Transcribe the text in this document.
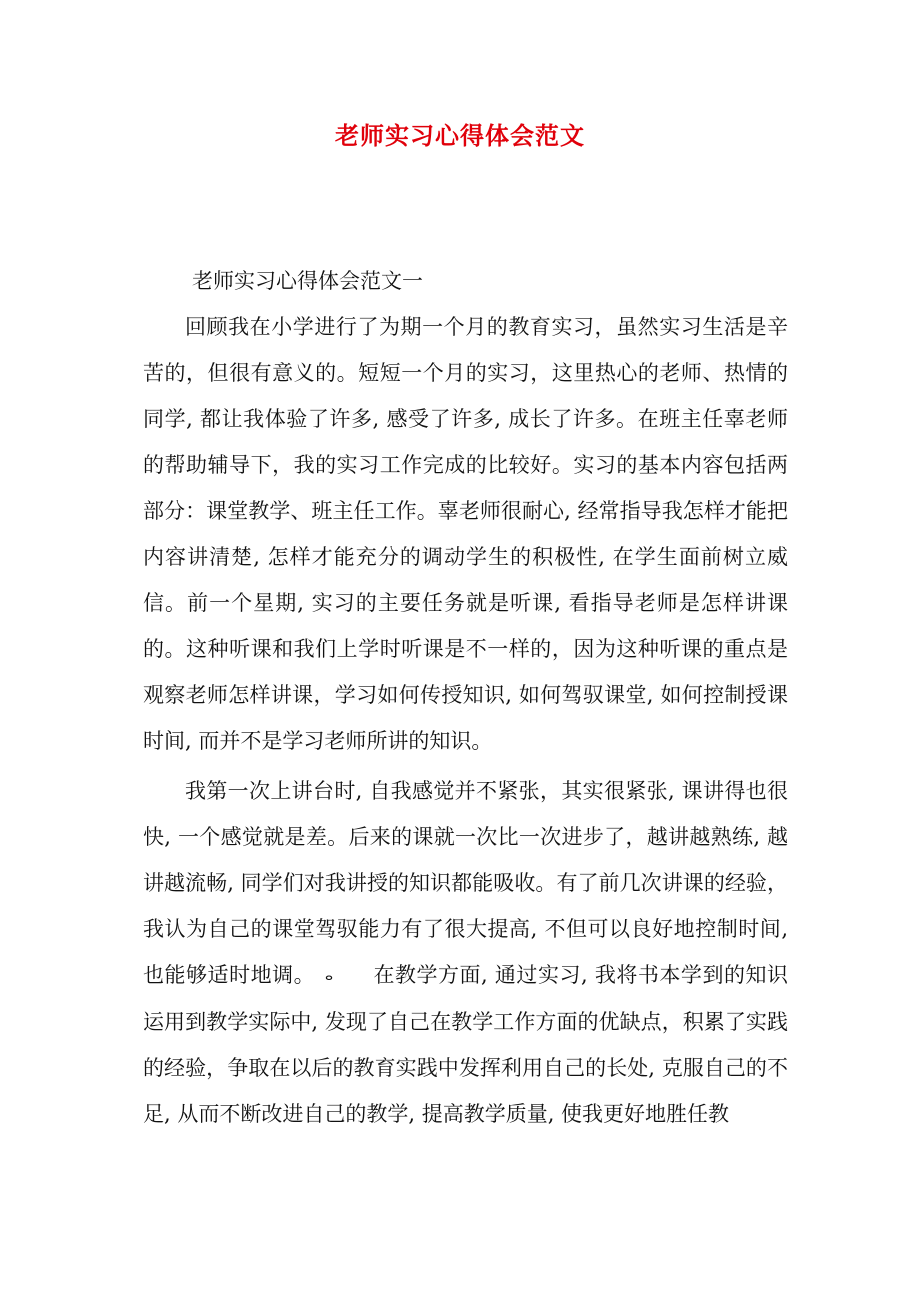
老师实习心得体会范文

老师实习心得体会范文一

回顾我在小学进行了为期一个月的教育实习，虽然实习生活是辛苦的，但很有意义的。短短一个月的实习，这里热心的老师、热情的同学, 都让我体验了许多, 感受了许多, 成长了许多。在班主任辜老师的帮助辅导下，我的实习工作完成的比较好。实习的基本内容包括两部分：课堂教学、班主任工作。辜老师很耐心, 经常指导我怎样才能把内容讲清楚, 怎样才能充分的调动学生的积极性, 在学生面前树立威信。前一个星期, 实习的主要任务就是听课, 看指导老师是怎样讲课的。这种听课和我们上学时听课是不一样的，因为这种听课的重点是观察老师怎样讲课，学习如何传授知识, 如何驾驭课堂, 如何控制授课时间, 而并不是学习老师所讲的知识。

我第一次上讲台时, 自我感觉并不紧张，其实很紧张, 课讲得也很快, 一个感觉就是差。后来的课就一次比一次进步了，越讲越熟练, 越讲越流畅, 同学们对我讲授的知识都能吸收。有了前几次讲课的经验，我认为自己的课堂驾驭能力有了很大提高, 不但可以良好地控制时间, 也能够适时地调。 ⴰ 在教学方面, 通过实习, 我将书本学到的知识运用到教学实际中, 发现了自己在教学工作方面的优缺点，积累了实践的经验，争取在以后的教育实践中发挥利用自己的长处, 克服自己的不足, 从而不断改进自己的教学, 提高教学质量, 使我更好地胜任教
